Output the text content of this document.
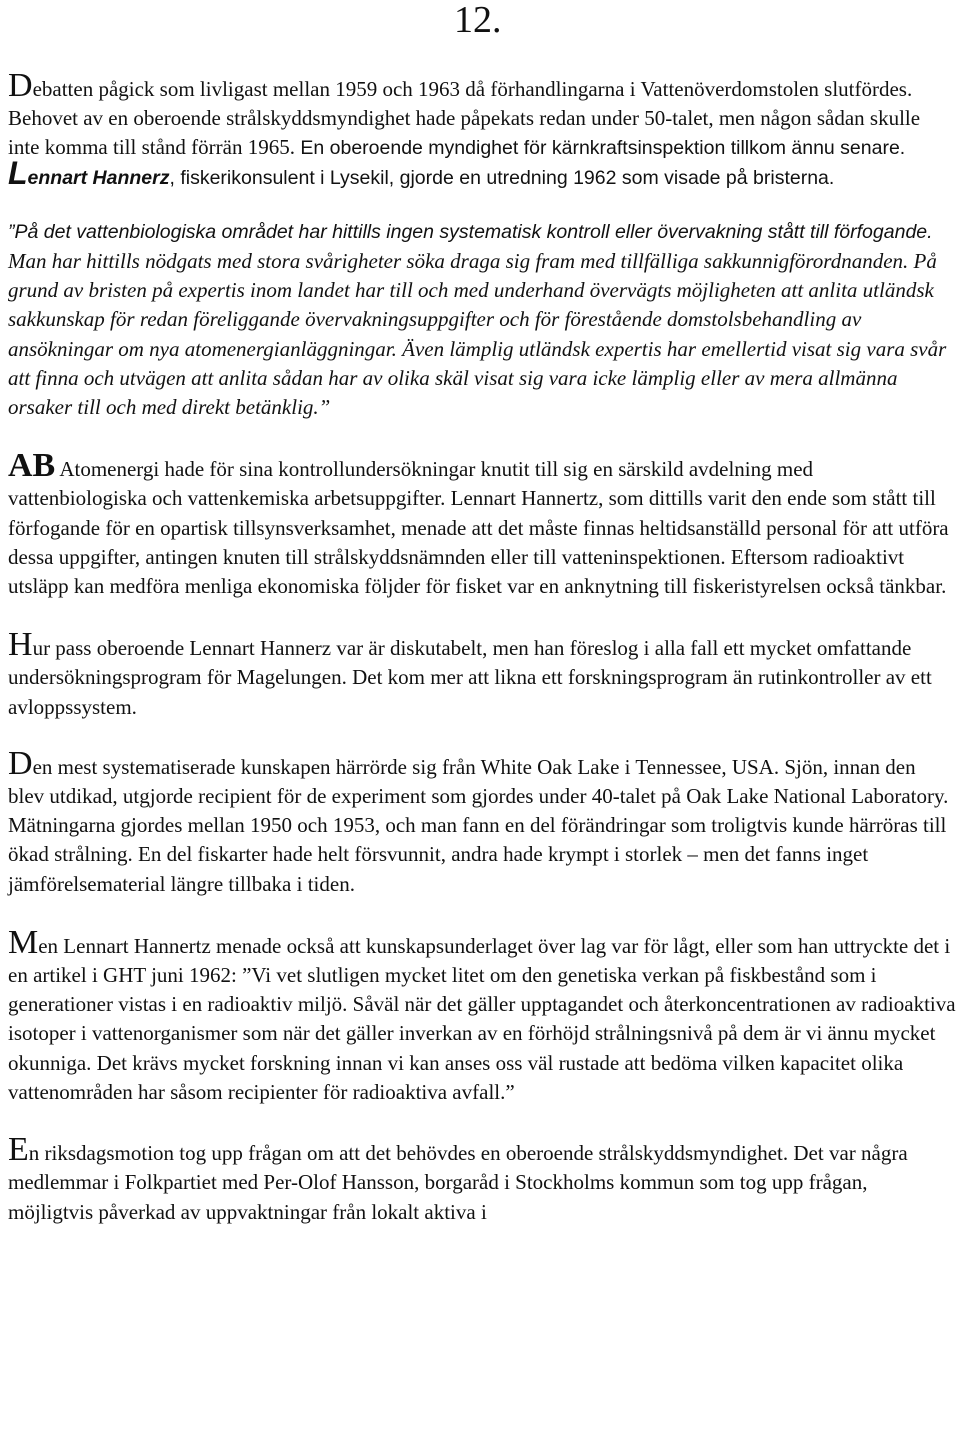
12.

Debatten pågick som livligast mellan 1959 och 1963 då förhandlingarna i Vattenöverdomstolen slutfördes. Behovet av en oberoende strålskyddsmyndighet hade påpekats redan under 50-talet, men någon sådan skulle inte komma till stånd förrän 1965. En oberoende myndighet för kärnkraftsinspektion tillkom ännu senare.

Lennart Hannerz, fiskerikonsulent i Lysekil, gjorde en utredning 1962 som visade på bristerna.

”På det vattenbiologiska området har hittills ingen systematisk kontroll eller övervakning stått till förfogande. Man har hittills nödgats med stora svårigheter söka draga sig fram med tillfälliga sakkunnigförordnanden. På grund av bristen på expertis inom landet har till och med underhand övervägts möjligheten att anlita utländsk sakkunskap för redan föreliggande övervakningsuppgifter och för förestående domstolsbehandling av ansökningar om nya atomenergianläggningar. Även lämplig utländsk expertis har emellertid visat sig vara svår att finna och utvägen att anlita sådan har av olika skäl visat sig vara icke lämplig eller av mera allmänna orsaker till och med direkt betänklig.”

AB Atomenergi hade för sina kontrollundersökningar knutit till sig en särskild avdelning med vattenbiologiska och vattenkemiska arbetsuppgifter. Lennart Hannertz, som dittills varit den ende som stått till förfogande för en opartisk tillsynsverksamhet, menade att det måste finnas heltidsanställd personal för att utföra dessa uppgifter, antingen knuten till strålskyddsnämnden eller till vatteninspektionen. Eftersom radioaktivt utsläpp kan medföra menliga ekonomiska följder för fisket var en anknytning till fiskeristyrelsen också tänkbar.

Hur pass oberoende Lennart Hannerz var är diskutabelt, men han föreslog i alla fall ett mycket omfattande undersökningsprogram för Magelungen. Det kom mer att likna ett forskningsprogram än rutinkontroller av ett avloppssystem.

Den mest systematiserade kunskapen härrörde sig från White Oak Lake i Tennessee, USA. Sjön, innan den blev utdikad, utgjorde recipient för de experiment som gjordes under 40-talet på Oak Lake National Laboratory. Mätningarna gjordes mellan 1950 och 1953, och man fann en del förändringar som troligtvis kunde härröras till ökad strålning. En del fiskarter hade helt försvunnit, andra hade krympt i storlek – men det fanns inget jämförelsematerial längre tillbaka i tiden.

Men Lennart Hannertz menade också att kunskapsunderlaget över lag var för lågt, eller som han uttryckte det i en artikel i GHT juni 1962: ”Vi vet slutligen mycket litet om den genetiska verkan på fiskbestånd som i generationer vistas i en radioaktiv miljö. Såväl när det gäller upptagandet och återkoncentrationen av radioaktiva isotoper i vattenorganismer som när det gäller inverkan av en förhöjd strålningsnivå på dem är vi ännu mycket okunniga. Det krävs mycket forskning innan vi kan anses oss väl rustade att bedöma vilken kapacitet olika vattenområden har såsom recipienter för radioaktiva avfall.”

En riksdagsmotion tog upp frågan om att det behövdes en oberoende strålskyddsmyndighet. Det var några medlemmar i Folkpartiet med Per-Olof Hansson, borgaråd i Stockholms kommun som tog upp frågan, möjligtvis påverkad av uppvaktningar från lokalt aktiva i
